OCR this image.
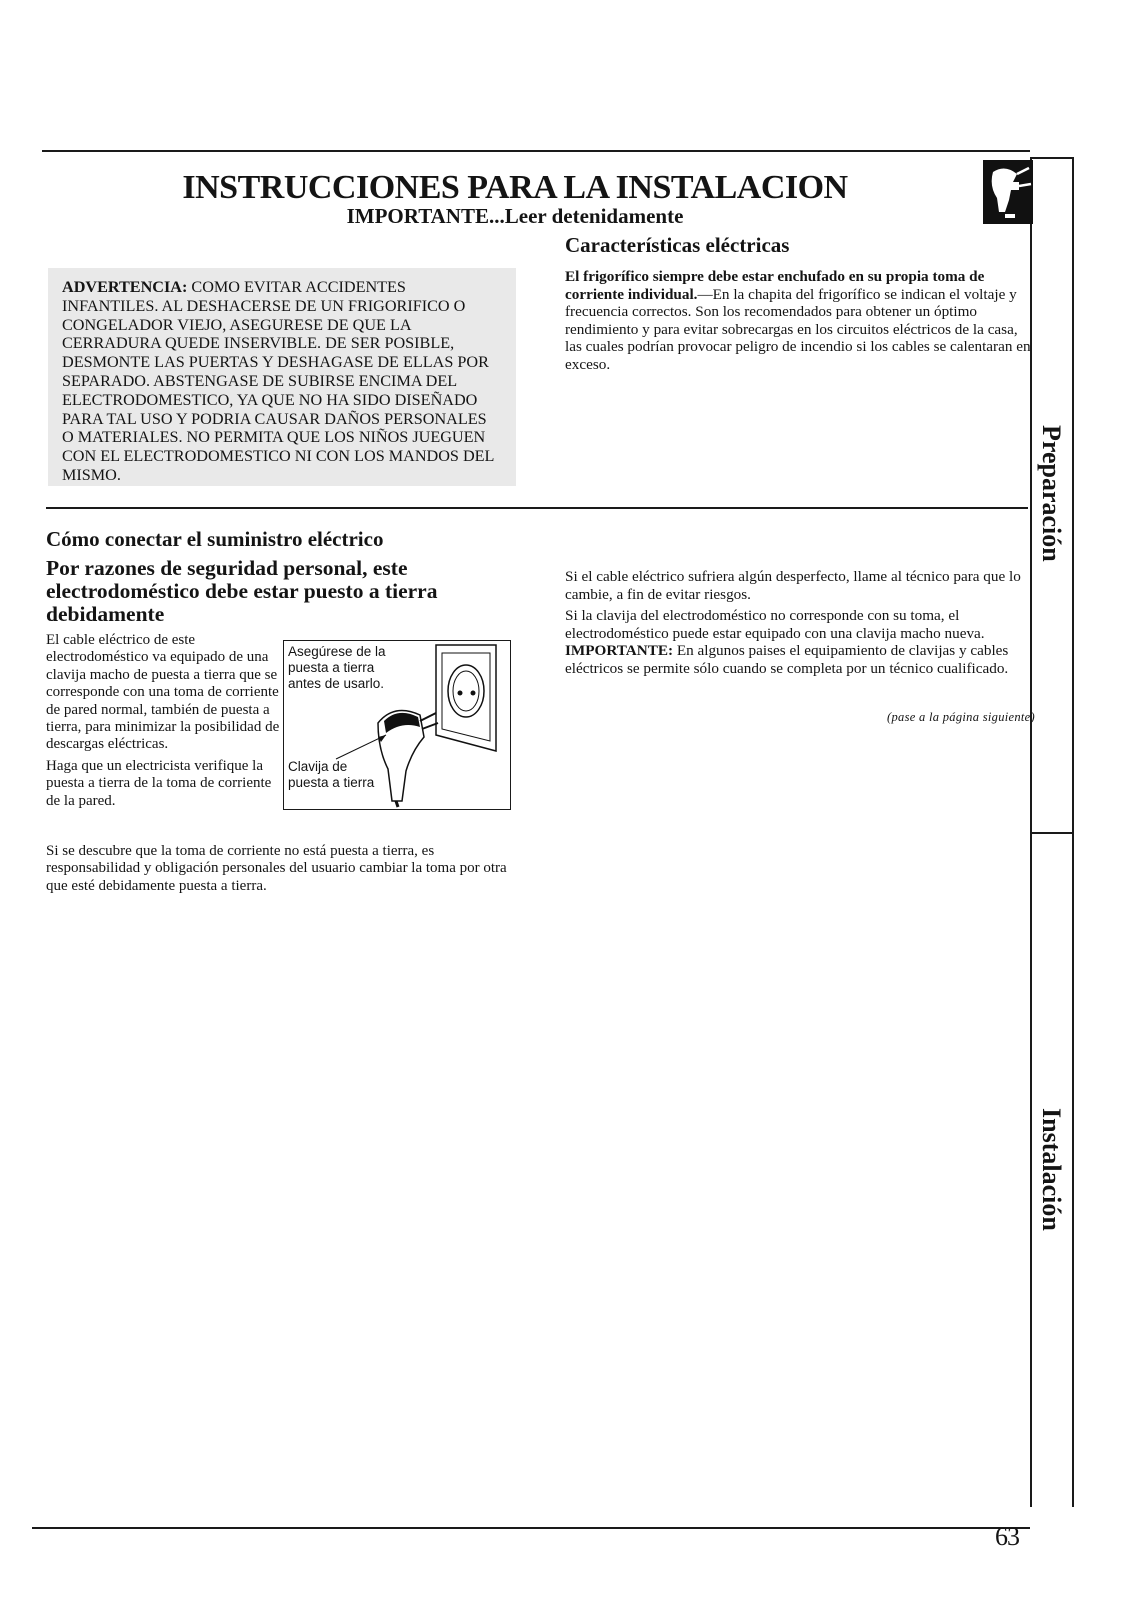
INSTRUCCIONES PARA LA INSTALACION
IMPORTANTE...Leer detenidamente
ADVERTENCIA: COMO EVITAR ACCIDENTES INFANTILES. AL DESHACERSE DE UN FRIGORIFICO O CONGELADOR VIEJO, ASEGURESE DE QUE LA CERRADURA QUEDE INSERVIBLE. DE SER POSIBLE, DESMONTE LAS PUERTAS Y DESHAGASE DE ELLAS POR SEPARADO. ABSTENGASE DE SUBIRSE ENCIMA DEL ELECTRODOMESTICO, YA QUE NO HA SIDO DISEÑADO PARA TAL USO Y PODRIA CAUSAR DAÑOS PERSONALES O MATERIALES. NO PERMITA QUE LOS NIÑOS JUEGUEN CON EL ELECTRODOMESTICO NI CON LOS MANDOS DEL MISMO.
Características eléctricas
El frigorífico siempre debe estar enchufado en su propia toma de corriente individual.—En la chapita del frigorífico se indican el voltaje y frecuencia correctos. Son los recomendados para obtener un óptimo rendimiento y para evitar sobrecargas en los circuitos eléctricos de la casa, las cuales podrían provocar peligro de incendio si los cables se calentaran en exceso.
Cómo conectar el suministro eléctrico
Por razones de seguridad personal, este electrodoméstico debe estar puesto a tierra debidamente

El cable eléctrico de este electrodoméstico va equipado de una clavija macho de puesta a tierra que se corresponde con una toma de corriente de pared normal, también de puesta a tierra, para minimizar la posibilidad de descargas eléctricas.

Haga que un electricista verifique la puesta a tierra de la toma de corriente de la pared.

Si se descubre que la toma de corriente no está puesta a tierra, es responsabilidad y obligación personales del usuario cambiar la toma por otra que esté debidamente puesta a tierra.
Asegúrese de la
puesta a tierra
antes de usarlo.
Clavija de
puesta a tierra

Si el cable eléctrico sufriera algún desperfecto, llame al técnico para que lo cambie, a fin de evitar riesgos.

Si la clavija del electrodoméstico no corresponde con su toma, el electrodoméstico puede estar equipado con una clavija macho nueva. IMPORTANTE: En algunos paises el equipamiento de clavijas y cables eléctricos se permite sólo cuando se completa por un técnico cualificado.

(pase a la página siguiente)
Preparación
Instalación
63
